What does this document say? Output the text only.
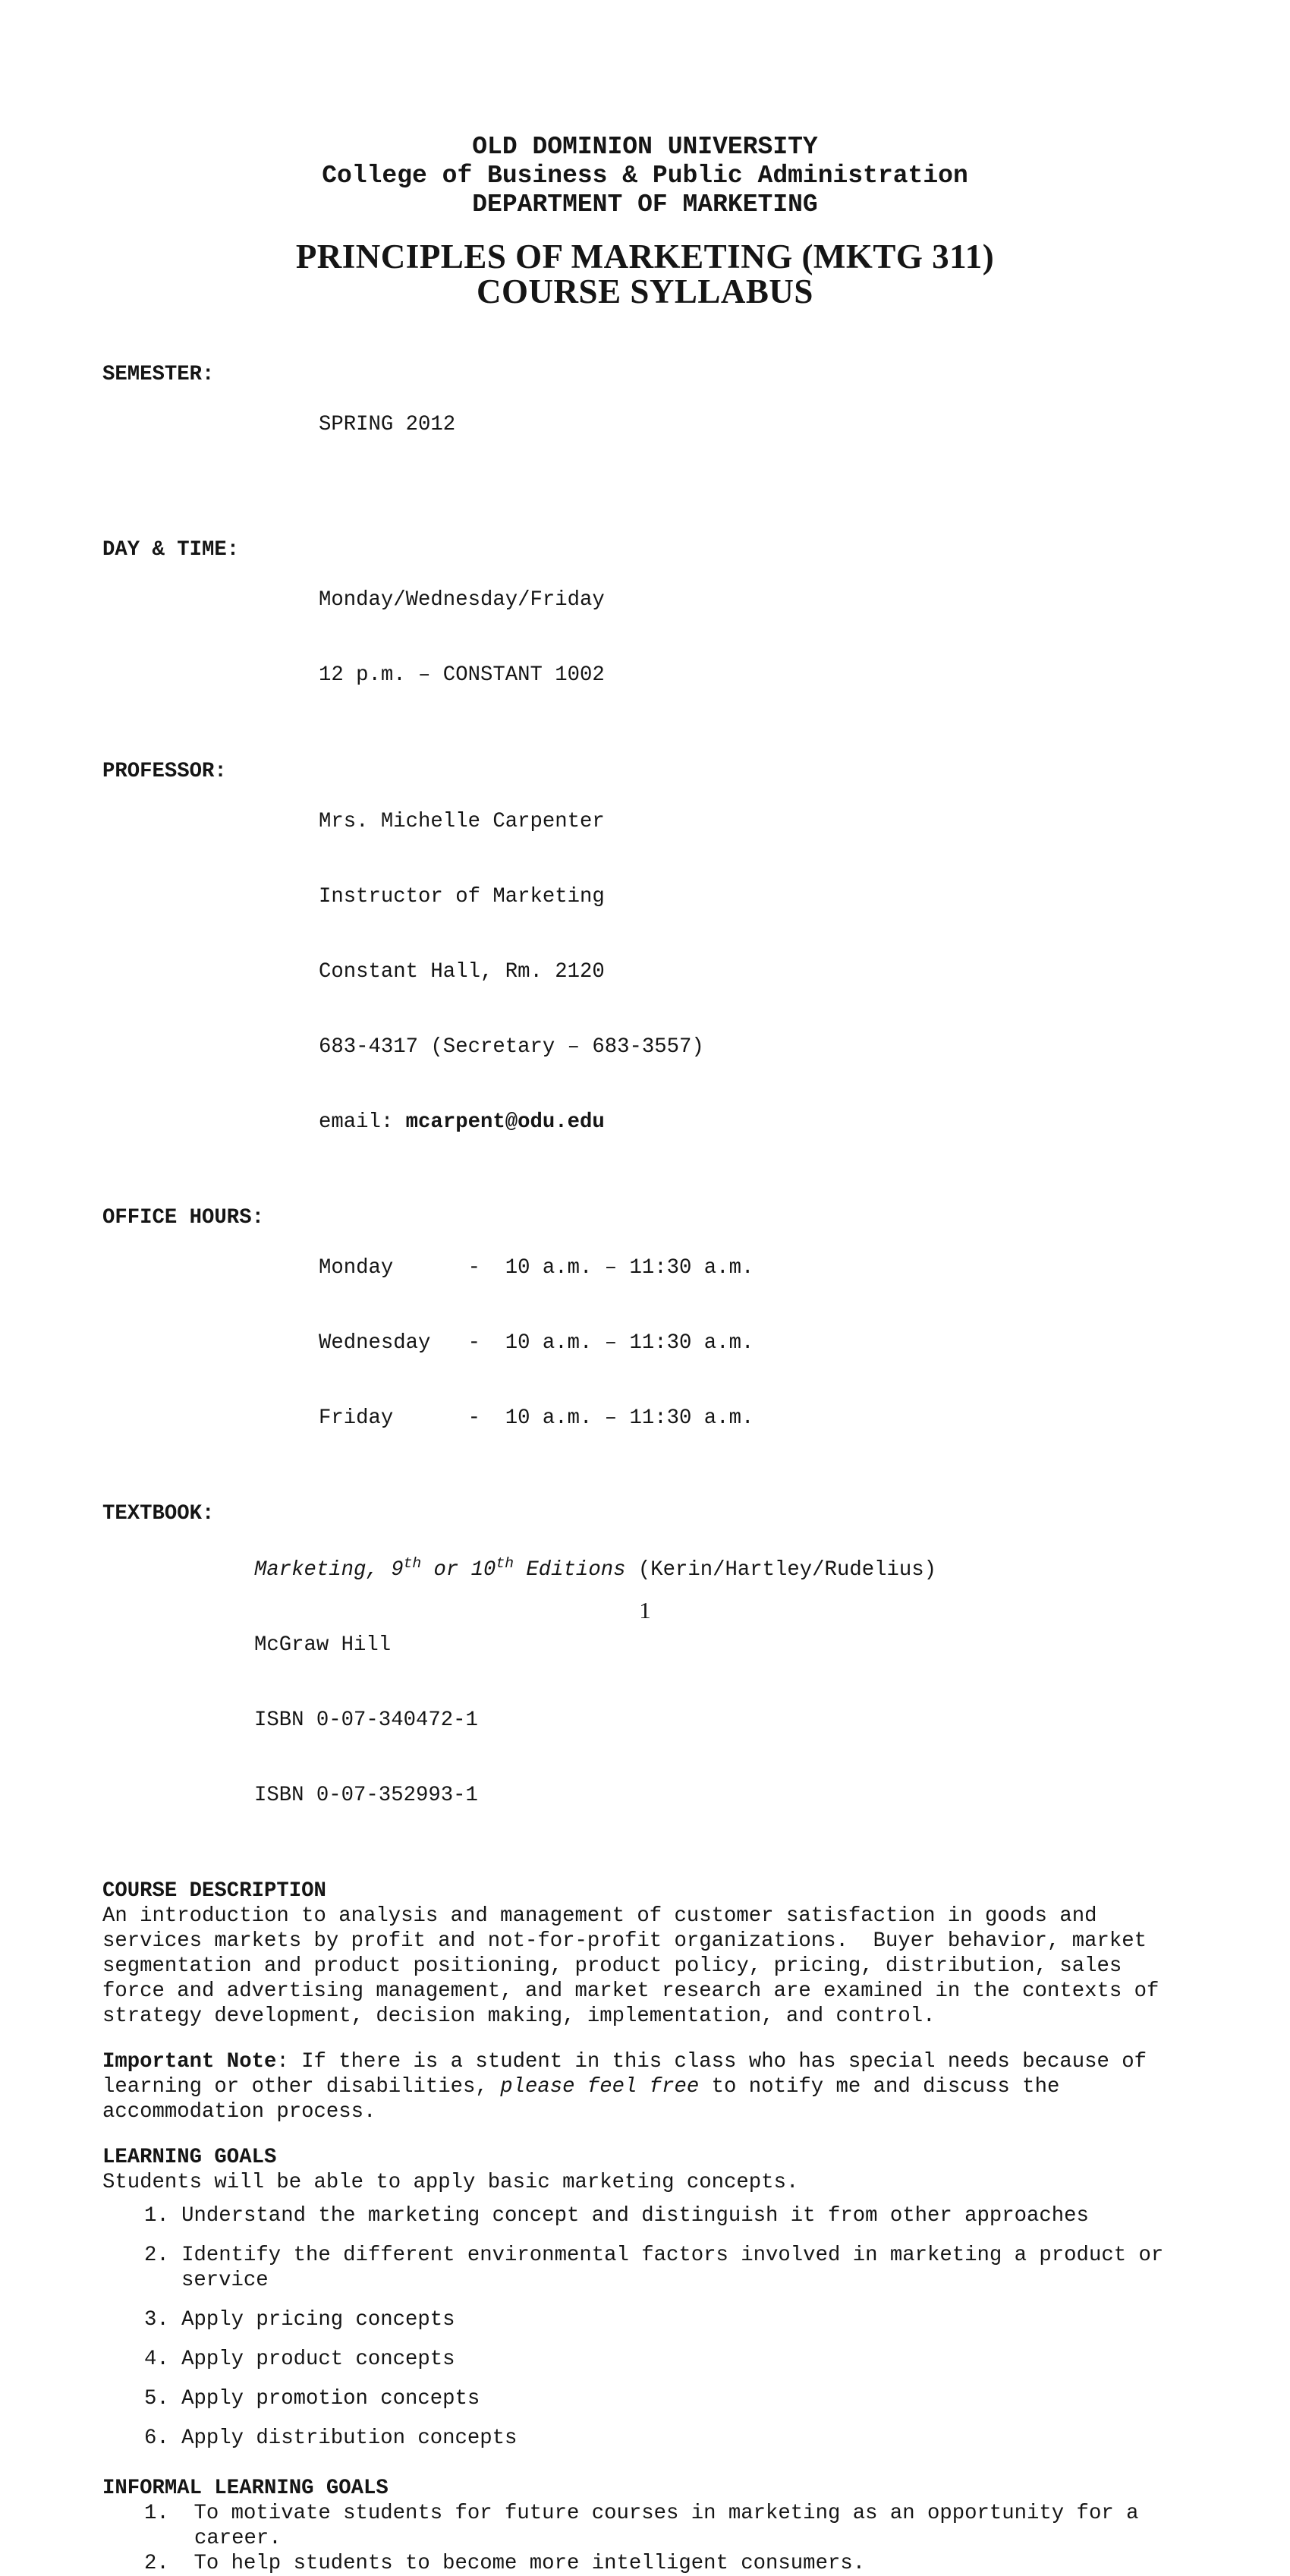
OLD DOMINION UNIVERSITY
College of Business & Public Administration
DEPARTMENT OF MARKETING
PRINCIPLES OF MARKETING (MKTG 311)
COURSE SYLLABUS
SEMESTER:

SPRING 2012

DAY & TIME:

Monday/Wednesday/Friday

12 p.m. – CONSTANT 1002

PROFESSOR:

Mrs. Michelle Carpenter

Instructor of Marketing

Constant Hall, Rm. 2120

683-4317 (Secretary – 683-3557)

email: mcarpent@odu.edu

OFFICE HOURS:

Monday      -  10 a.m. – 11:30 a.m.

Wednesday   -  10 a.m. – 11:30 a.m.

Friday      -  10 a.m. – 11:30 a.m.

TEXTBOOK:

Marketing, 9th or 10th Editions (Kerin/Hartley/Rudelius)

McGraw Hill

ISBN 0-07-340472-1

ISBN 0-07-352993-1

COURSE DESCRIPTION
An introduction to analysis and management of customer satisfaction in goods and
services markets by profit and not-for-profit organizations.  Buyer behavior, market
segmentation and product positioning, product policy, pricing, distribution, sales
force and advertising management, and market research are examined in the contexts of
strategy development, decision making, implementation, and control.
Important Note: If there is a student in this class who has special needs because of
learning or other disabilities, please feel free to notify me and discuss the
accommodation process.
LEARNING GOALS
Students will be able to apply basic marketing concepts.
1. Understand the marketing concept and distinguish it from other approaches
2. Identify the different environmental factors involved in marketing a product or service
3. Apply pricing concepts
4. Apply product concepts
5. Apply promotion concepts
6. Apply distribution concepts
INFORMAL LEARNING GOALS
1.  To motivate students for future courses in marketing as an opportunity for a career.
2.  To help students to become more intelligent consumers.
1
